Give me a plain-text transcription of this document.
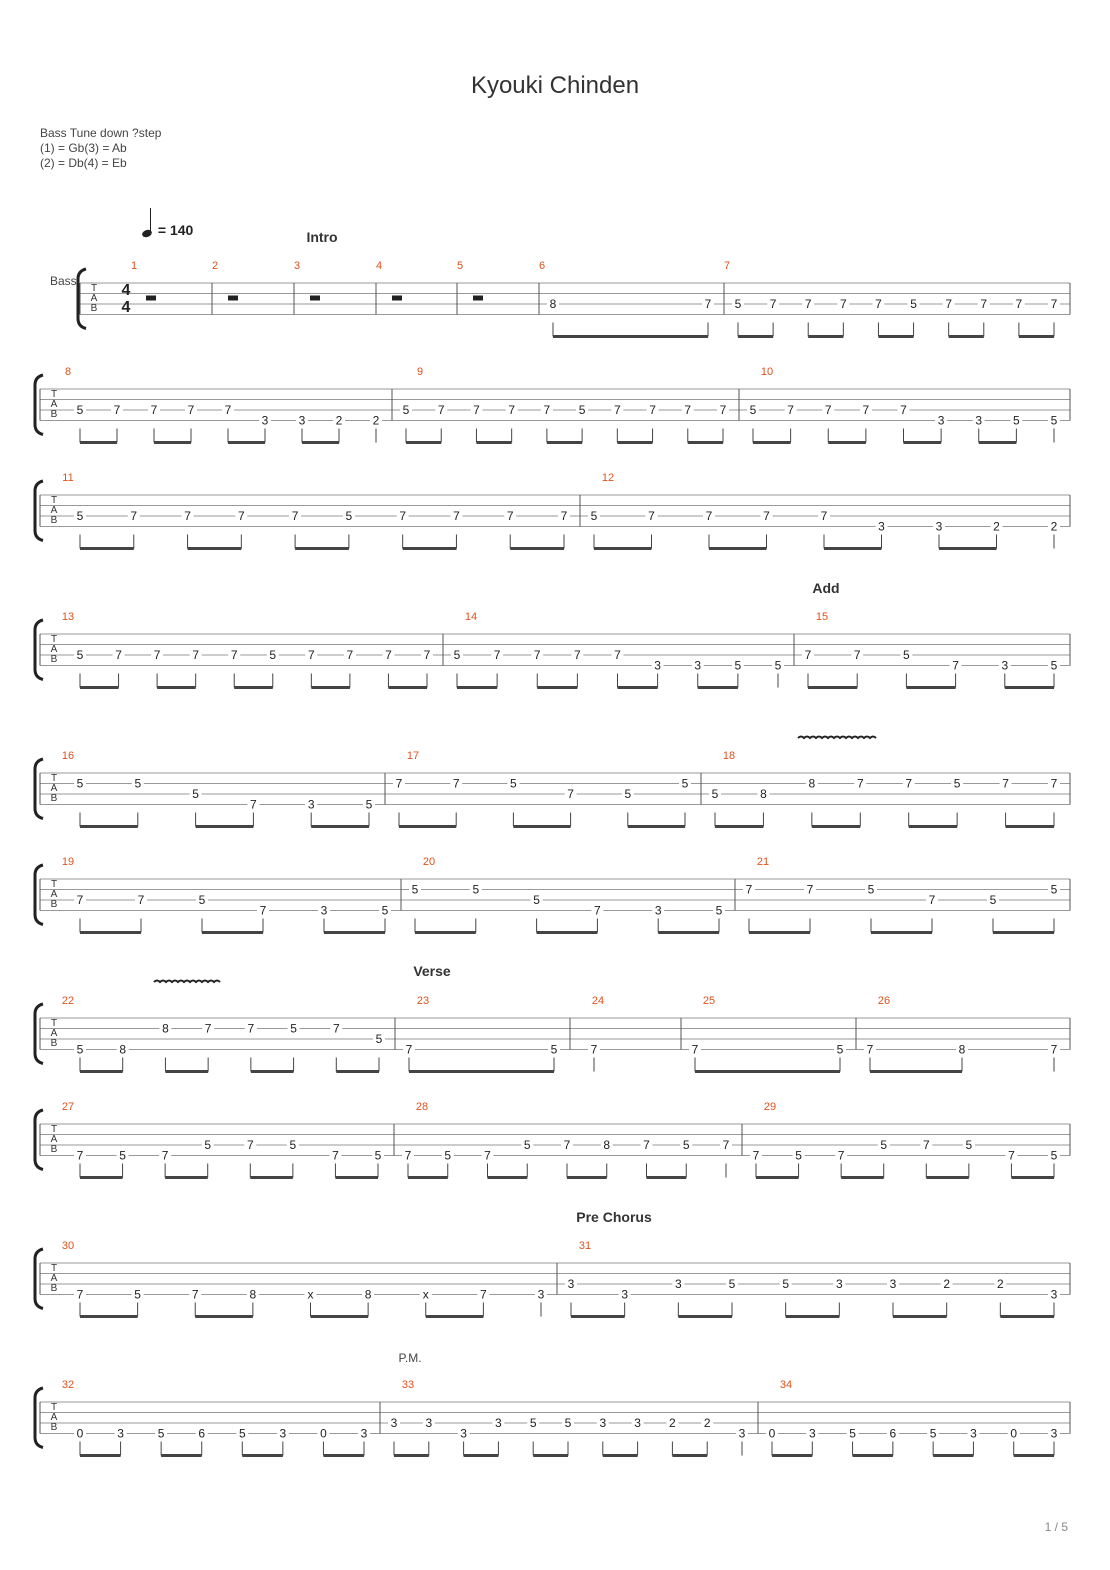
Kyouki Chinden
Bass Tune down ?step
(1) = Gb(3) = Ab
(2) = Db(4) = Eb
= 140
Bass
Intro
Add
Verse
Pre Chorus
P.M.
T
A
B
4
4
1	2	3	4	5	6
8	7
7
5 7 7 7 7 5 7 7 7 7
T
A
B
8
5	7	7	7	7
3	3	2	2
9
5 7 7 7 7 5 7 7 7 7
10
5	7	7	7	7
3	3	5	5
T
A
B
11
5	7	7	7	7	5	7	7	7	7
12
5	7	7	7	7
3	3	2	2
T
A
B
13
5	7	7	7	7	5	7	7	7	7
14
5	7	7	7	7
3	3	5	5
15
7	7	5
7	3	5
T
A
B
16
5	5
5
7	3	5
17
7	7	5
7	5
5
18
5	8
8	7	7	5	7	7
T
A
B
19
7	7	5
7	3	5
20
5	5
5
7	3	5
21
7	7	5
7	5
5
T
A
B
22
5	8
8	7	7	5	7
5
23
7	5
24
7
25
7	5
26
7	8	7
T
A
B
27
7	5	7
5	7	5
7	5
28
7	5	7
5	7	8	7	5	7
29
7	5	7
5	7	5
7	5
T
A
B
30
7	5	7	8	x	8	x	7	3
31
3
3
3	5	5	3	3	2	2
3
T
A
B
32
0	3	5	6	5	3	0	3
33
3 3
3
3 5 5 3 3 2 2
3
34
0	3	5	6	5	3	0	3
1 / 5
